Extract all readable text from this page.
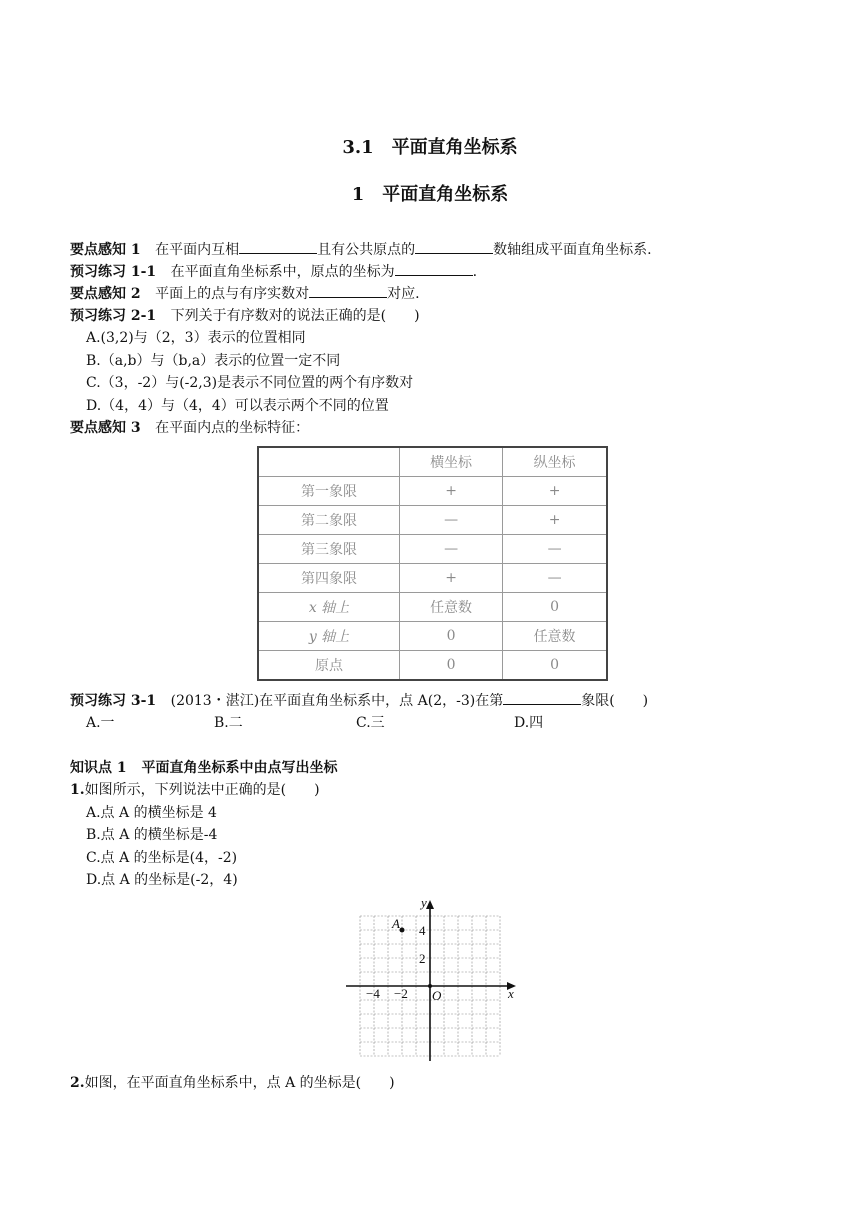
3.1　平面直角坐标系
1　平面直角坐标系
要点感知 1 在平面内互相	且有公共原点的	数轴组成平面直角坐标系.
预习练习 1-1 在平面直角坐标系中，原点的坐标为	.
要点感知 2 平面上的点与有序实数对	对应.
预习练习 2-1 下列关于有序数对的说法正确的是(　　)
A.(3,2)与（2，3）表示的位置相同
B.（a,b）与（b,a）表示的位置一定不同
C.（3，-2）与(-2,3)是表示不同位置的两个有序数对
D.（4，4）与（4，4）可以表示两个不同的位置
要点感知 3 在平面内点的坐标特征：
	横坐标	纵坐标
第一象限	+	+
第二象限	—	+
第三象限	—	—
第四象限	+	—
x 轴上	任意数	0
y 轴上	0	任意数
原点	0	0
预习练习 3-1 (2013・湛江)在平面直角坐标系中，点 A(2，-3)在第	象限(　　)
A.一	B.二	C.三	D.四
知识点 1 平面直角坐标系中由点写出坐标
1.如图所示，下列说法中正确的是(　　)
A.点 A 的横坐标是 4
B.点 A 的横坐标是-4
C.点 A 的坐标是(4，-2)
D.点 A 的坐标是(-2，4)
y
x
O
A 4
2
−4 −2
2.如图，在平面直角坐标系中，点 A 的坐标是(　　)
